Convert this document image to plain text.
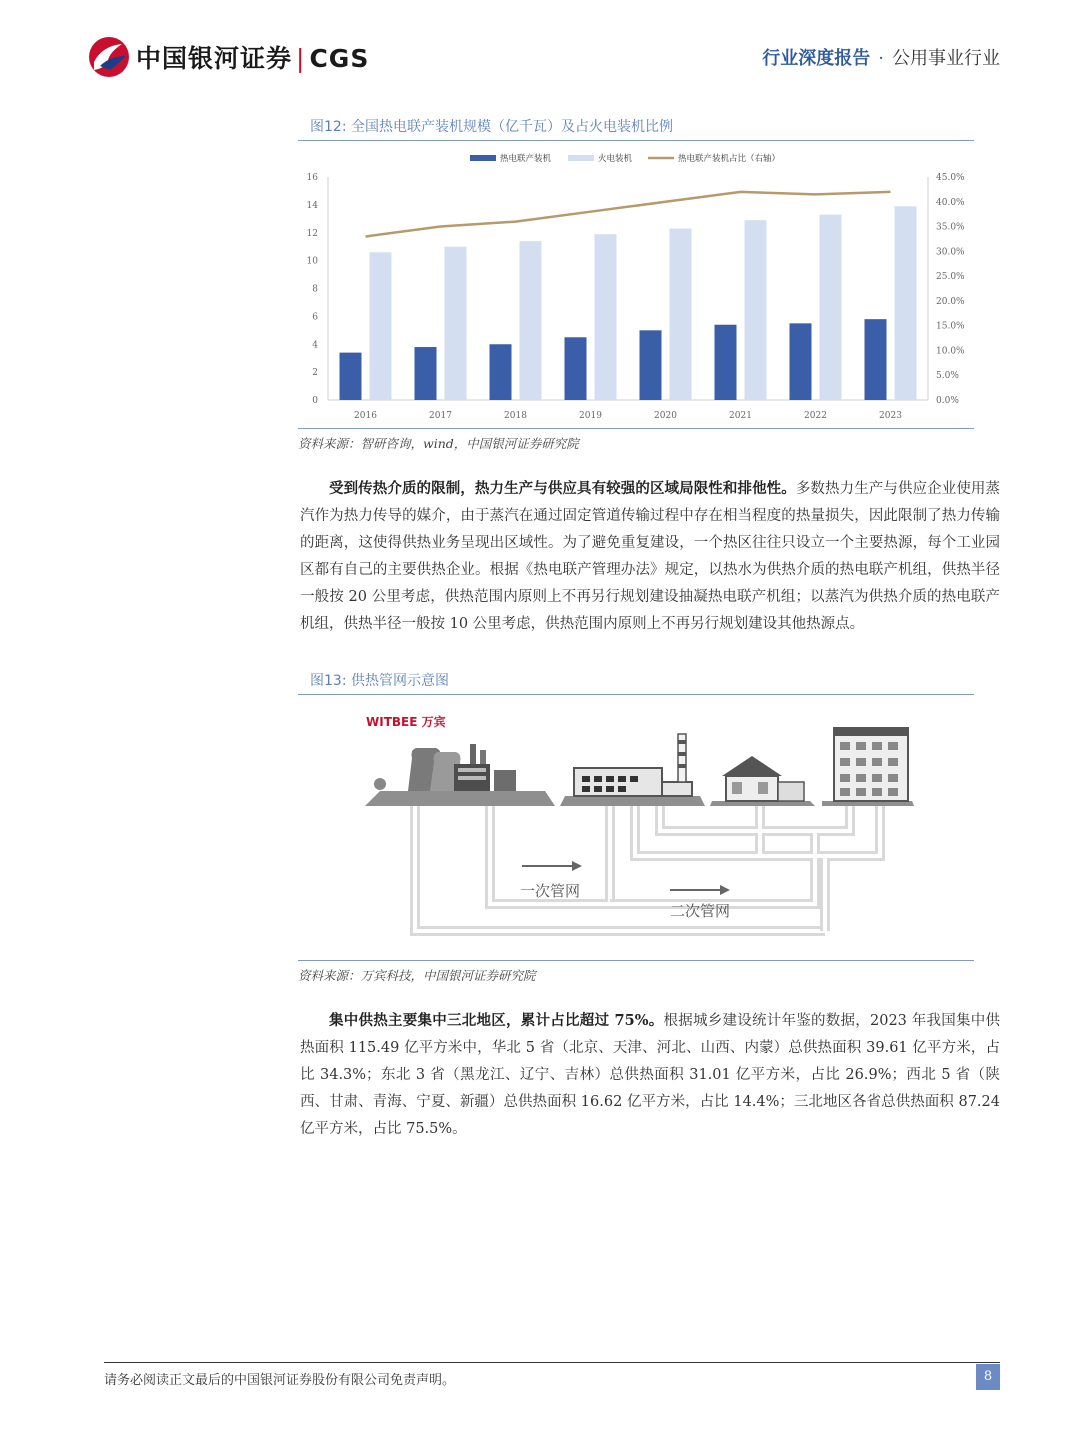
中国银河证券 | CGS	行业深度报告 · 公用事业行业
图12: 全国热电联产装机规模（亿千瓦）及占火电装机比例
热电联产装机	火电装机	热电联产装机占比（右轴）
0
2
4
6
8
10
12
14
16
0.0%
5.0%
10.0%
15.0%
20.0%
25.0%
30.0%
35.0%
40.0%
45.0%
2016	2017	2018	2019	2020	2021	2022	2023
资料来源：智研咨询，wind，中国银河证券研究院
受到传热介质的限制，热力生产与供应具有较强的区域局限性和排他性。多数热力生产与供应企业使用蒸汽作为热力传导的媒介，由于蒸汽在通过固定管道传输过程中存在相当程度的热量损失，因此限制了热力传输的距离，这使得供热业务呈现出区域性。为了避免重复建设，一个热区往往只设立一个主要热源，每个工业园区都有自己的主要供热企业。根据《热电联产管理办法》规定，以热水为供热介质的热电联产机组，供热半径一般按 20 公里考虑，供热范围内原则上不再另行规划建设抽凝热电联产机组；以蒸汽为供热介质的热电联产机组，供热半径一般按 10 公里考虑，供热范围内原则上不再另行规划建设其他热源点。
图13: 供热管网示意图
WITBEE 万宾
一次管网
二次管网
资料来源：万宾科技，中国银河证券研究院
集中供热主要集中三北地区，累计占比超过 75%。根据城乡建设统计年鉴的数据，2023 年我国集中供热面积 115.49 亿平方米中，华北 5 省（北京、天津、河北、山西、内蒙）总供热面积 39.61 亿平方米，占比 34.3%；东北 3 省（黑龙江、辽宁、吉林）总供热面积 31.01 亿平方米，占比 26.9%；西北 5 省（陕西、甘肃、青海、宁夏、新疆）总供热面积 16.62 亿平方米，占比 14.4%；三北地区各省总供热面积 87.24 亿平方米，占比 75.5%。
请务必阅读正文最后的中国银河证券股份有限公司免责声明。	8
